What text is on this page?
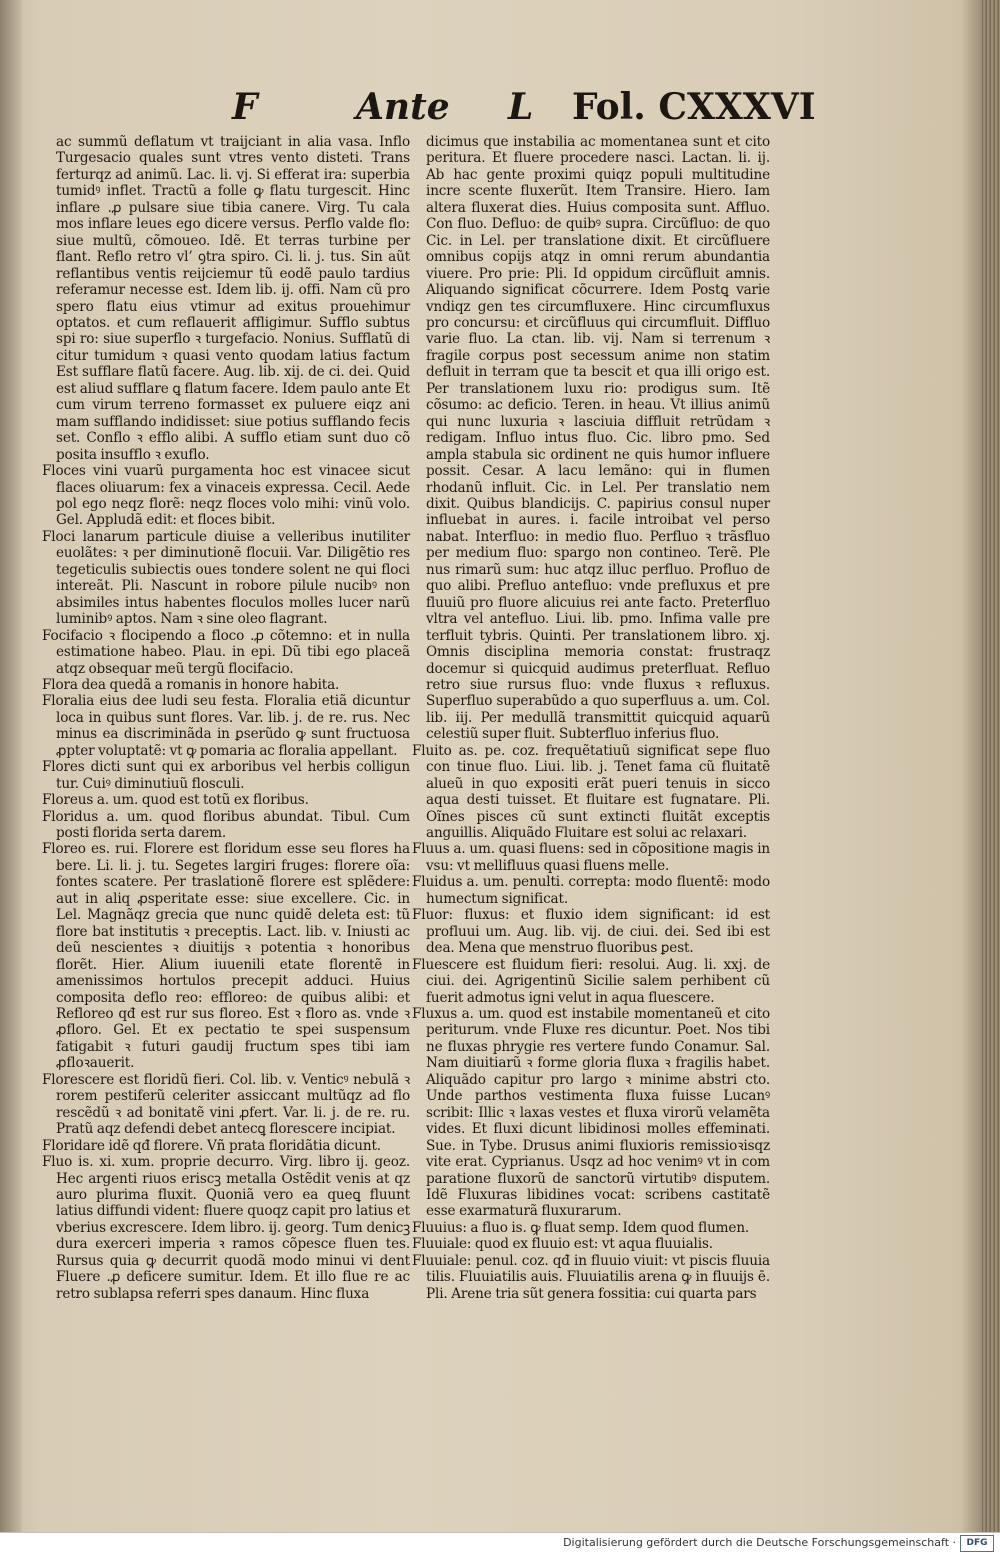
F	Ante L Fol. CXXXVI

ac summũ deflatum vt traijciant in alia vasa. Inflo Turgesacio quales sunt vtres vento disteti. Trans ferturqz ad animũ. Lac. li. vj. Si efferat ira: superbia tumidꝰ inflet. Tractũ a folle ꝙ flatu turgescit. Hinc inflare .ꝓ pulsare siue tibia canere. Virg. Tu cala mos inflare leues ego dicere versus. Perflo valde flo: siue multũ, cõmoueo. Idẽ. Et terras turbine per flant. Reflo retro vl’ ꝯtra spiro. Ci. li. j. tus. Sin aũt reflantibus ventis reijciemur tũ eodẽ paulo tardius referamur necesse est. Idem lib. ij. offi. Nam cũ pro spero flatu eius vtimur ad exitus prouehimur optatos. et cum reflauerit affligimur. Sufflo subtus spi ro: siue superflo ꝛ turgefacio. Nonius. Sufflatũ di citur tumidum ꝛ quasi vento quodam latius factum Est sufflare flatũ facere. Aug. lib. xij. de ci. dei. Quid est aliud sufflare ꝗ flatum facere. Idem paulo ante Et cum virum terreno formasset ex puluere eiqz ani mam sufflando indidisset: siue potius sufflando fecis set. Conflo ꝛ efflo alibi. A sufflo etiam sunt duo cõ posita insufflo ꝛ exuflo.

Floces vini vuarũ purgamenta hoc est vinacee sicut flaces oliuarum: fex a vinaceis expressa. Cecil. Aede pol ego neqz florẽ: neqz floces volo mihi: vinũ volo. Gel. Appludã edit: et floces bibit.

Floci lanarum particule diuise a velleribus inutiliter euolãtes: ꝛ per diminutionẽ flocuii. Var. Diligẽtio res tegeticulis subiectis oues tondere solent ne qui floci intereãt. Pli. Nascunt in robore pilule nucibꝰ non absimiles intus habentes floculos molles lucer narũ luminibꝰ aptos. Nam ꝛ sine oleo flagrant.

Focifacio ꝛ flocipendo a floco .ꝓ cõtemno: et in nulla estimatione habeo. Plau. in epi. Dũ tibi ego placeã atqz obsequar meũ tergũ flocifacio.

Flora dea quedã a romanis in honore habita.

Floralia eius dee ludi seu festa. Floralia etiã dicuntur loca in quibus sunt flores. Var. lib. j. de re. rus. Nec minus ea discriminãda in ꝑserũdo ꝙ sunt fructuosa ꝓpter voluptatẽ: vt ꝙ pomaria ac floralia appellant.

Flores dicti sunt qui ex arboribus vel herbis colligun tur. Cuiꝰ diminutiuũ flosculi.

Floreus a. um. quod est totũ ex floribus.

Floridus a. um. quod floribus abundat. Tibul. Cum posti florida serta darem.

Floreo es. rui. Florere est floridum esse seu flores ha bere. Li. li. j. tu. Segetes largiri fruges: florere oĩa: fontes scatere. Per traslationẽ florere est splẽdere: aut in aliq ꝓsperitate esse: siue excellere. Cic. in Lel. Magnãqz grecia que nunc quidẽ deleta est: tũ flore bat institutis ꝛ preceptis. Lact. lib. v. Iniusti ac deũ nescientes ꝛ diuitijs ꝛ potentia ꝛ honoribus florẽt. Hier. Alium iuuenili etate florentẽ in amenissimos hortulos precepit adduci. Huius composita deflo reo: effloreo: de quibus alibi: et Refloreo qđ est rur sus floreo. Est ꝛ floro as. vnde ꝛ ꝓfloro. Gel. Et ex pectatio te spei suspensum fatigabit ꝛ futuri gaudij fructum spes tibi iam ꝓfloꝛauerit.

Florescere est floridũ fieri. Col. lib. v. Venticꝰ nebulã ꝛ rorem pestiferũ celeriter assiccant multũqz ad flo rescẽdũ ꝛ ad bonitatẽ vini ꝓfert. Var. li. j. de re. ru. Pratũ aqz defendi debet antecꝗ florescere incipiat.

Floridare idẽ qđ florere. Vñ prata floridãtia dicunt.

Fluo is. xi. xum. proprie decurro. Virg. libro ij. geoz. Hec argenti riuos eriscꝫ metalla Ostẽdit venis at qz auro plurima fluxit. Quoniã vero ea queꝗ fluunt latius diffundi vident: fluere quoqz capit pro latius et vberius excrescere. Idem libro. ij. georg. Tum denicꝫ dura exerceri imperia ꝛ ramos cõpesce fluen tes. Rursus quia ꝙ decurrit quodã modo minui vi dent Fluere .ꝓ deficere sumitur. Idem. Et illo flue re ac retro sublapsa referri spes danaum. Hinc fluxa

dicimus que instabilia ac momentanea sunt et cito peritura. Et fluere procedere nasci. Lactan. li. ij. Ab hac gente proximi quiqz populi multitudine incre scente fluxerũt. Item Transire. Hiero. Iam altera fluxerat dies. Huius composita sunt. Affluo. Con fluo. Defluo: de quibꝰ supra. Circũfluo: de quo Cic. in Lel. per translatione dixit. Et circũfluere omnibus copijs atqz in omni rerum abundantia viuere. Pro prie: Pli. Id oppidum circũfluit amnis. Aliquando significat cõcurrere. Idem Postꝗ varie vndiqz gen tes circumfluxere. Hinc circumfluxus pro concursu: et circũfluus qui circumfluit. Diffluo varie fluo. La ctan. lib. vij. Nam si terrenum ꝛ fragile corpus post secessum anime non statim defluit in terram que ta bescit et qua illi origo est. Per translationem luxu rio: prodigus sum. Itẽ cõsumo: ac deficio. Teren. in heau. Vt illius animũ qui nunc luxuria ꝛ lasciuia diffluit retrũdam ꝛ redigam. Influo intus fluo. Cic. libro pmo. Sed ampla stabula sic ordinent ne quis humor influere possit. Cesar. A lacu lemãno: qui in flumen rhodanũ influit. Cic. in Lel. Per translatio nem dixit. Quibus blandicijs. C. papirius consul nuper influebat in aures. i. facile introibat vel perso nabat. Interfluo: in medio fluo. Perfluo ꝛ trãsfluo per medium fluo: spargo non contineo. Terẽ. Ple nus rimarũ sum: huc atqz illuc perfluo. Profluo de quo alibi. Prefluo antefluo: vnde prefluxus et pre fluuiũ pro fluore alicuius rei ante facto. Preterfluo vltra vel antefluo. Liui. lib. pmo. Infima valle pre terfluit tybris. Quinti. Per translationem libro. xj. Omnis disciplina memoria constat: frustraqz docemur si quicquid audimus preterfluat. Refluo retro siue rursus fluo: vnde fluxus ꝛ refluxus. Superfluo superabũdo a quo superfluus a. um. Col. lib. iij. Per medullã transmittit quicquid aquarũ celestiũ super fluit. Subterfluo inferius fluo.

Fluito as. pe. coz. frequẽtatiuũ significat sepe fluo con tinue fluo. Liui. lib. j. Tenet fama cũ fluitatẽ alueũ in quo expositi erãt pueri tenuis in sicco aqua desti tuisset. Et fluitare est fugnatare. Pli. Oĩnes pisces cũ sunt extincti fluitãt exceptis anguillis. Aliquãdo Fluitare est solui ac relaxari.

Fluus a. um. quasi fluens: sed in cõpositione magis in vsu: vt mellifluus quasi fluens melle.

Fluidus a. um. penulti. correpta: modo fluentẽ: modo humectum significat.

Fluor: fluxus: et fluxio idem significant: id est profluui um. Aug. lib. vij. de ciui. dei. Sed ibi est dea. Mena que menstruo fluoribus ꝑest.

Fluescere est fluidum fieri: resolui. Aug. li. xxj. de ciui. dei. Agrigentinũ Sicilie salem perhibent cũ fuerit admotus igni velut in aqua fluescere.

Fluxus a. um. quod est instabile momentaneũ et cito periturum. vnde Fluxe res dicuntur. Poet. Nos tibi ne fluxas phrygie res vertere fundo Conamur. Sal. Nam diuitiarũ ꝛ forme gloria fluxa ꝛ fragilis habet. Aliquãdo capitur pro largo ꝛ minime abstri cto. Unde parthos vestimenta fluxa fuisse Lucanꝰ scribit: Illic ꝛ laxas vestes et fluxa virorũ velamẽta vides. Et fluxi dicunt libidinosi molles effeminati. Sue. in Tybe. Drusus animi fluxioris remissioꝛisqz vite erat. Cyprianus. Usqz ad hoc venimꝰ vt in com paratione fluxorũ de sanctorũ virtutibꝰ disputem. Idẽ Fluxuras libidines vocat: scribens castitatẽ esse exarmaturã fluxurarum.

Fluuius: a fluo is. ꝙ fluat semp. Idem quod flumen.

Fluuiale: quod ex fluuio est: vt aqua fluuialis.

Fluuiale: penul. coz. qđ in fluuio viuit: vt piscis fluuia tilis. Fluuiatilis auis. Fluuiatilis arena ꝙ in fluuijs ē. Pli. Arene tria sũt genera fossitia: cui quarta pars

Digitalisierung gefördert durch die Deutsche Forschungsgemeinschaft ·	DFG
